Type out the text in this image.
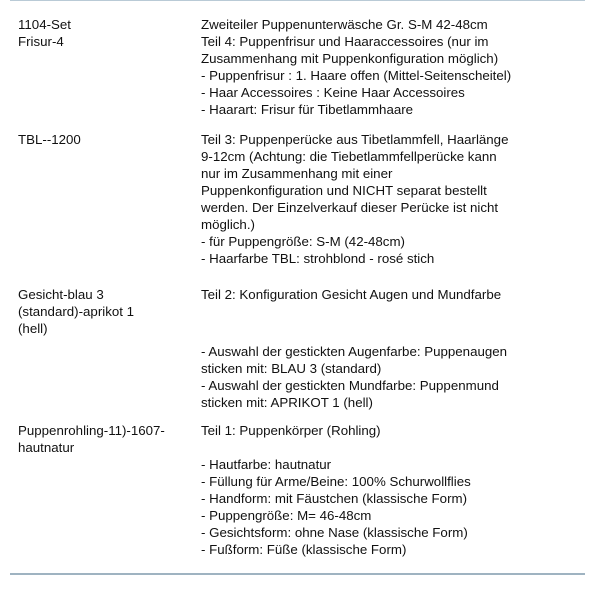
1104-Set
Frisur-4
Zweiteiler Puppenunterwäsche Gr. S-M 42-48cm
Teil 4: Puppenfrisur und Haaraccessoires (nur im
Zusammenhang mit Puppenkonfiguration möglich)
- Puppenfrisur : 1. Haare offen (Mittel-Seitenscheitel)
- Haar Accessoires : Keine Haar Accessoires
- Haarart: Frisur für Tibetlammhaare
TBL--1200	Teil 3: Puppenperücke aus Tibetlammfell, Haarlänge
9-12cm (Achtung: die Tiebetlammfellperücke kann
nur im Zusammenhang mit einer
Puppenkonfiguration und NICHT separat bestellt
werden. Der Einzelverkauf dieser Perücke ist nicht
möglich.)
- für Puppengröße: S-M (42-48cm)
- Haarfarbe TBL: strohblond - rosé stich
Gesicht-blau 3
(standard)-aprikot 1
(hell)
Teil 2: Konfiguration Gesicht Augen und Mundfarbe
- Auswahl der gestickten Augenfarbe: Puppenaugen
sticken mit: BLAU 3 (standard)
- Auswahl der gestickten Mundfarbe: Puppenmund
sticken mit: APRIKOT 1 (hell)
Puppenrohling-11)-1607-
hautnatur
Teil 1: Puppenkörper (Rohling)
- Hautfarbe: hautnatur
- Füllung für Arme/Beine: 100% Schurwollflies
- Handform: mit Fäustchen (klassische Form)
- Puppengröße: M= 46-48cm
- Gesichtsform: ohne Nase (klassische Form)
- Fußform: Füße (klassische Form)
